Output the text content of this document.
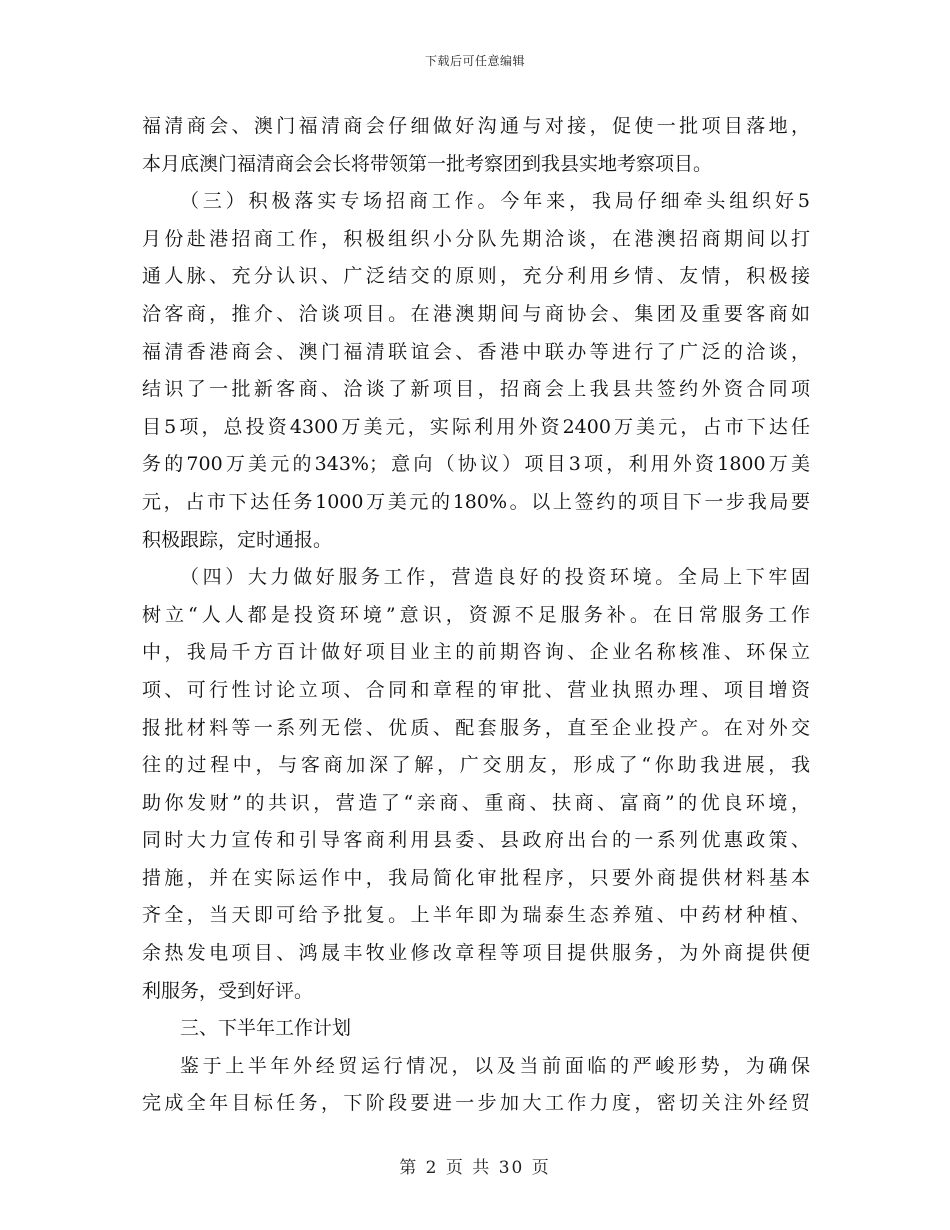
下载后可任意编辑
福清商会、澳门福清商会仔细做好沟通与对接，促使一批项目落地，
本月底澳门福清商会会长将带领第一批考察团到我县实地考察项目。
（三）积极落实专场招商工作。今年来，我局仔细牵头组织好5
月份赴港招商工作，积极组织小分队先期洽谈，在港澳招商期间以打
通人脉、充分认识、广泛结交的原则，充分利用乡情、友情，积极接
洽客商，推介、洽谈项目。在港澳期间与商协会、集团及重要客商如
福清香港商会、澳门福清联谊会、香港中联办等进行了广泛的洽谈，
结识了一批新客商、洽谈了新项目，招商会上我县共签约外资合同项
目5项，总投资4300万美元，实际利用外资2400万美元，占市下达任
务的700万美元的343%；意向（协议）项目3项，利用外资1800万美
元，占市下达任务1000万美元的180%。以上签约的项目下一步我局要
积极跟踪，定时通报。
（四）大力做好服务工作，营造良好的投资环境。全局上下牢固
树立“人人都是投资环境”意识，资源不足服务补。在日常服务工作
中，我局千方百计做好项目业主的前期咨询、企业名称核准、环保立
项、可行性讨论立项、合同和章程的审批、营业执照办理、项目增资
报批材料等一系列无偿、优质、配套服务，直至企业投产。在对外交
往的过程中，与客商加深了解，广交朋友，形成了“你助我进展，我
助你发财”的共识，营造了“亲商、重商、扶商、富商”的优良环境，
同时大力宣传和引导客商利用县委、县政府出台的一系列优惠政策、
措施，并在实际运作中，我局简化审批程序，只要外商提供材料基本
齐全，当天即可给予批复。上半年即为瑞泰生态养殖、中药材种植、
余热发电项目、鸿晟丰牧业修改章程等项目提供服务，为外商提供便
利服务，受到好评。
三、下半年工作计划
鉴于上半年外经贸运行情况，以及当前面临的严峻形势，为确保
完成全年目标任务，下阶段要进一步加大工作力度，密切关注外经贸
第 2 页 共 30 页
